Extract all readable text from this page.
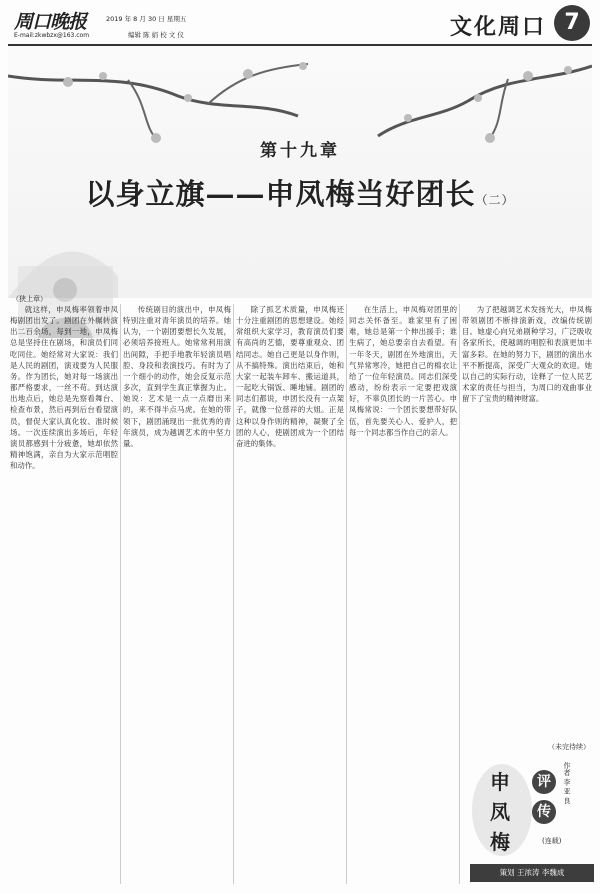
周口晚报
E-mail:zkwbzx@163.com
2019 年 8 月 30 日 星期五
编辑 陈 娟 校 文 仪	文化周口 7
第十九章
以身立旗——申凤梅当好团长（二）
（狭上章）

就这样，申凤梅率领着申凤梅剧团出发了。剧团在外辗转演出二百余场，每到一地，申凤梅总是坚持住在剧场，和演员们同吃同住。她经常对大家说：我们是人民的剧团，演戏要为人民服务。作为团长，她对每一场演出都严格要求，一丝不苟。到达演出地点后，她总是先察看舞台、检查布景，然后再到后台看望演员，督促大家认真化妆、准时候场。一次连续演出多场后，年轻演员都感到十分疲惫，她却依然精神饱满，亲自为大家示范唱腔和动作。

传统剧目的演出中，申凤梅特别注重对青年演员的培养。她认为，一个剧团要想长久发展，必须培养接班人。她常常利用演出间隙，手把手地教年轻演员唱腔、身段和表演技巧。有时为了一个细小的动作，她会反复示范多次，直到学生真正掌握为止。她说：艺术是一点一点磨出来的，来不得半点马虎。在她的带领下，剧团涌现出一批优秀的青年演员，成为越调艺术的中坚力量。

除了抓艺术质量，申凤梅还十分注重剧团的思想建设。她经常组织大家学习，教育演员们要有高尚的艺德，要尊重观众、团结同志。她自己更是以身作则，从不搞特殊。演出结束后，她和大家一起装车卸车、搬运道具，一起吃大锅饭、睡地铺。剧团的同志们都说，申团长没有一点架子，就像一位慈祥的大姐。正是这种以身作则的精神，凝聚了全团的人心，使剧团成为一个团结奋进的集体。

在生活上，申凤梅对团里的同志关怀备至。谁家里有了困难，她总是第一个伸出援手；谁生病了，她总要亲自去看望。有一年冬天，剧团在外地演出，天气异常寒冷，她把自己的棉衣让给了一位年轻演员。同志们深受感动，纷纷表示一定要把戏演好，不辜负团长的一片苦心。申凤梅常说：一个团长要想带好队伍，首先要关心人、爱护人，把每一个同志都当作自己的亲人。

为了把越调艺术发扬光大，申凤梅带领剧团不断排演新戏，改编传统剧目。她虚心向兄弟剧种学习，广泛吸收各家所长，使越调的唱腔和表演更加丰富多彩。在她的努力下，剧团的演出水平不断提高，深受广大观众的欢迎。她以自己的实际行动，诠释了一位人民艺术家的责任与担当，为周口的戏曲事业留下了宝贵的精神财富。

（未完待续）
申
凤
梅
评
传
作者 李 亚 良
(连载)
策划 王浓涛 李魏成
